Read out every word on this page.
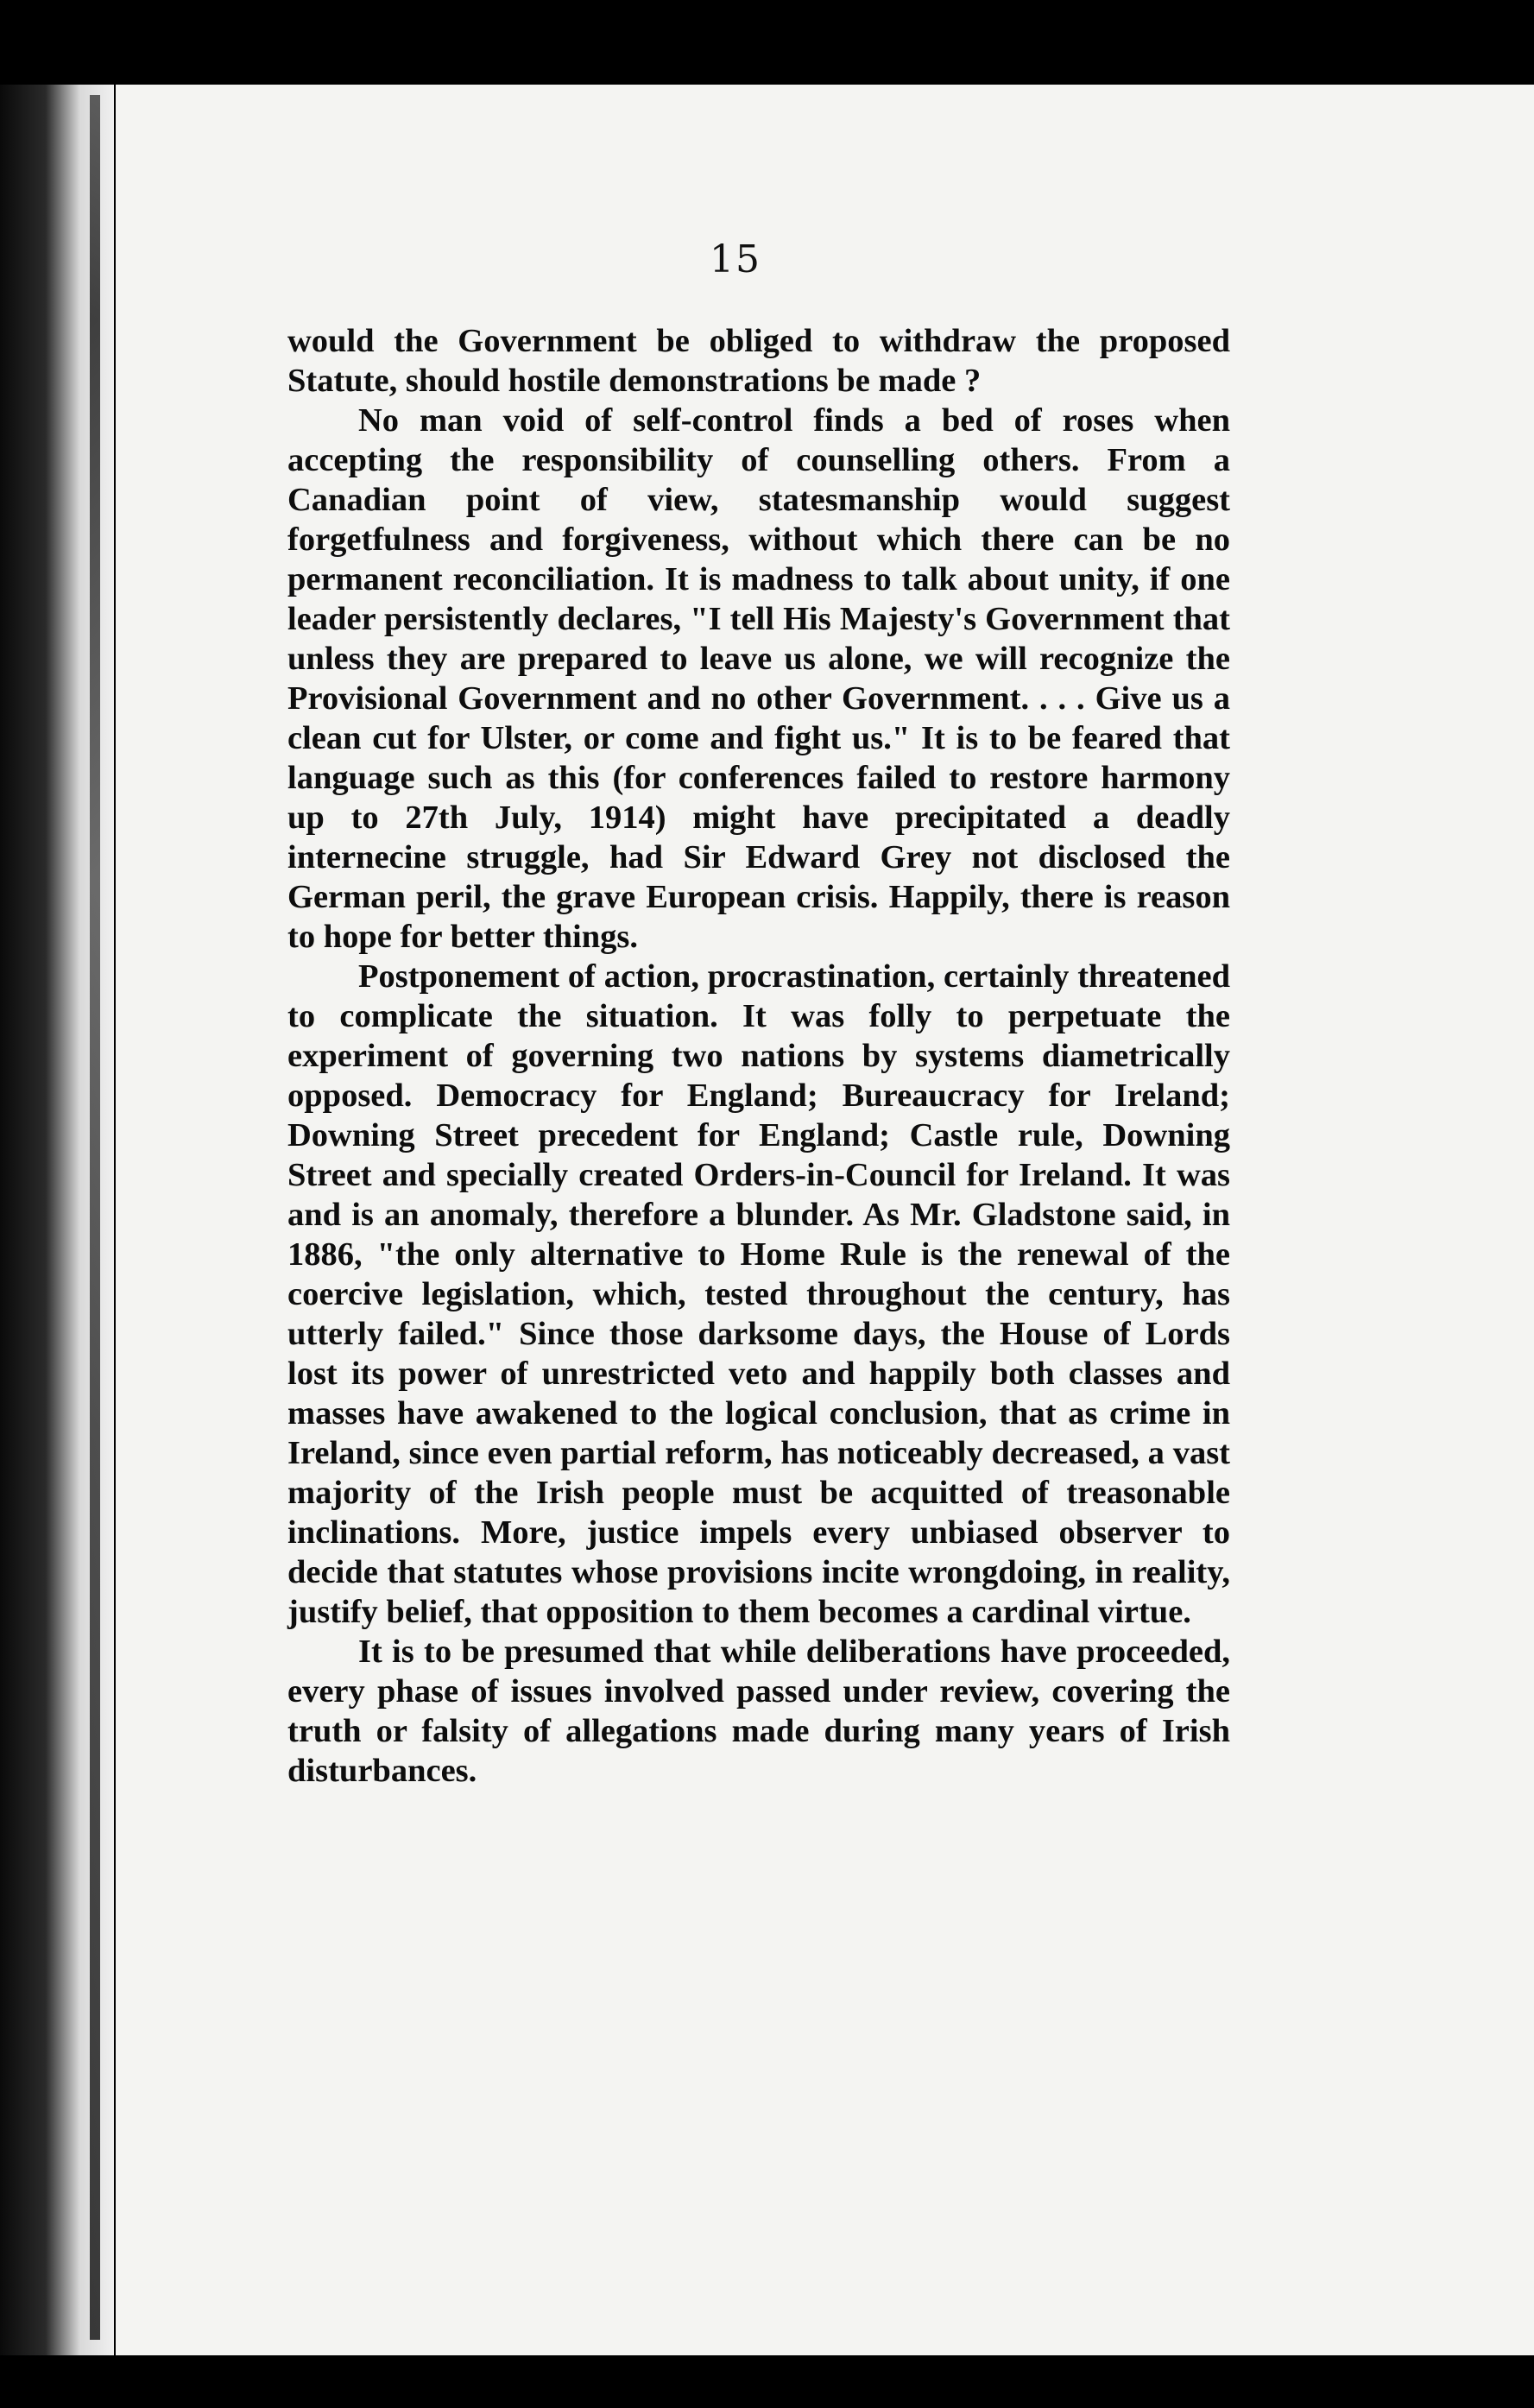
15

would the Government be obliged to withdraw the proposed Statute, should hostile demonstrations be made ?

No man void of self-control finds a bed of roses when accepting the responsibility of counselling others. From a Canadian point of view, statesmanship would suggest forgetfulness and forgiveness, without which there can be no permanent reconciliation. It is madness to talk about unity, if one leader persistently declares, "I tell His Majesty's Government that unless they are prepared to leave us alone, we will recognize the Provisional Government and no other Government. . . . Give us a clean cut for Ulster, or come and fight us." It is to be feared that language such as this (for conferences failed to restore harmony up to 27th July, 1914) might have precipitated a deadly internecine struggle, had Sir Edward Grey not disclosed the German peril, the grave European crisis. Happily, there is reason to hope for better things.

Postponement of action, procrastination, certainly threatened to complicate the situation. It was folly to perpetuate the experiment of governing two nations by systems diametrically opposed. Democracy for England; Bureaucracy for Ireland; Downing Street precedent for England; Castle rule, Downing Street and specially created Orders-in-Council for Ireland. It was and is an anomaly, therefore a blunder. As Mr. Gladstone said, in 1886, "the only alternative to Home Rule is the renewal of the coercive legislation, which, tested throughout the century, has utterly failed." Since those darksome days, the House of Lords lost its power of unrestricted veto and happily both classes and masses have awakened to the logical conclusion, that as crime in Ireland, since even partial reform, has noticeably decreased, a vast majority of the Irish people must be acquitted of treasonable inclinations. More, justice impels every unbiased observer to decide that statutes whose provisions incite wrongdoing, in reality, justify belief, that opposition to them becomes a cardinal virtue.

It is to be presumed that while deliberations have proceeded, every phase of issues involved passed under review, covering the truth or falsity of allegations made during many years of Irish disturbances.
